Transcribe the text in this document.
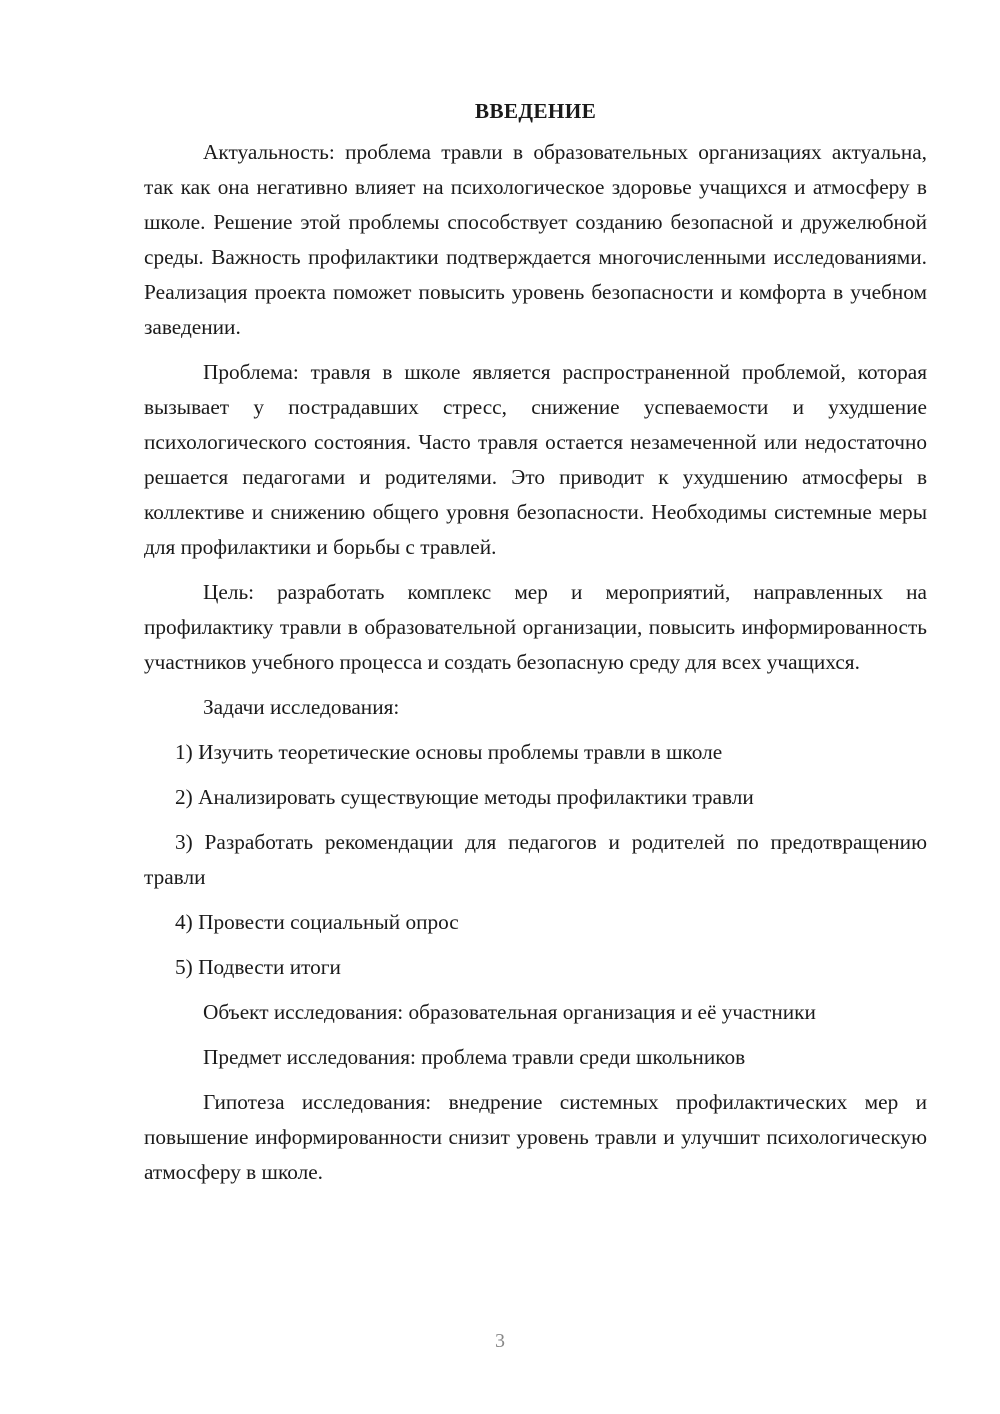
ВВЕДЕНИЕ

Актуальность: проблема травли в образовательных организациях актуальна, так как она негативно влияет на психологическое здоровье учащихся и атмосферу в школе. Решение этой проблемы способствует созданию безопасной и дружелюбной среды. Важность профилактики подтверждается многочисленными исследованиями. Реализация проекта поможет повысить уровень безопасности и комфорта в учебном заведении.

Проблема: травля в школе является распространенной проблемой, которая вызывает у пострадавших стресс, снижение успеваемости и ухудшение психологического состояния. Часто травля остается незамеченной или недостаточно решается педагогами и родителями. Это приводит к ухудшению атмосферы в коллективе и снижению общего уровня безопасности. Необходимы системные меры для профилактики и борьбы с травлей.

Цель: разработать комплекс мер и мероприятий, направленных на профилактику травли в образовательной организации, повысить информированность участников учебного процесса и создать безопасную среду для всех учащихся.

Задачи исследования:

1) Изучить теоретические основы проблемы травли в школе

2) Анализировать существующие методы профилактики травли

3) Разработать рекомендации для педагогов и родителей по предотвращению травли

4) Провести социальный опрос

5) Подвести итоги

Объект исследования: образовательная организация и её участники

Предмет исследования: проблема травли среди школьников

Гипотеза исследования: внедрение системных профилактических мер и повышение информированности снизит уровень травли и улучшит психологическую атмосферу в школе.

3
